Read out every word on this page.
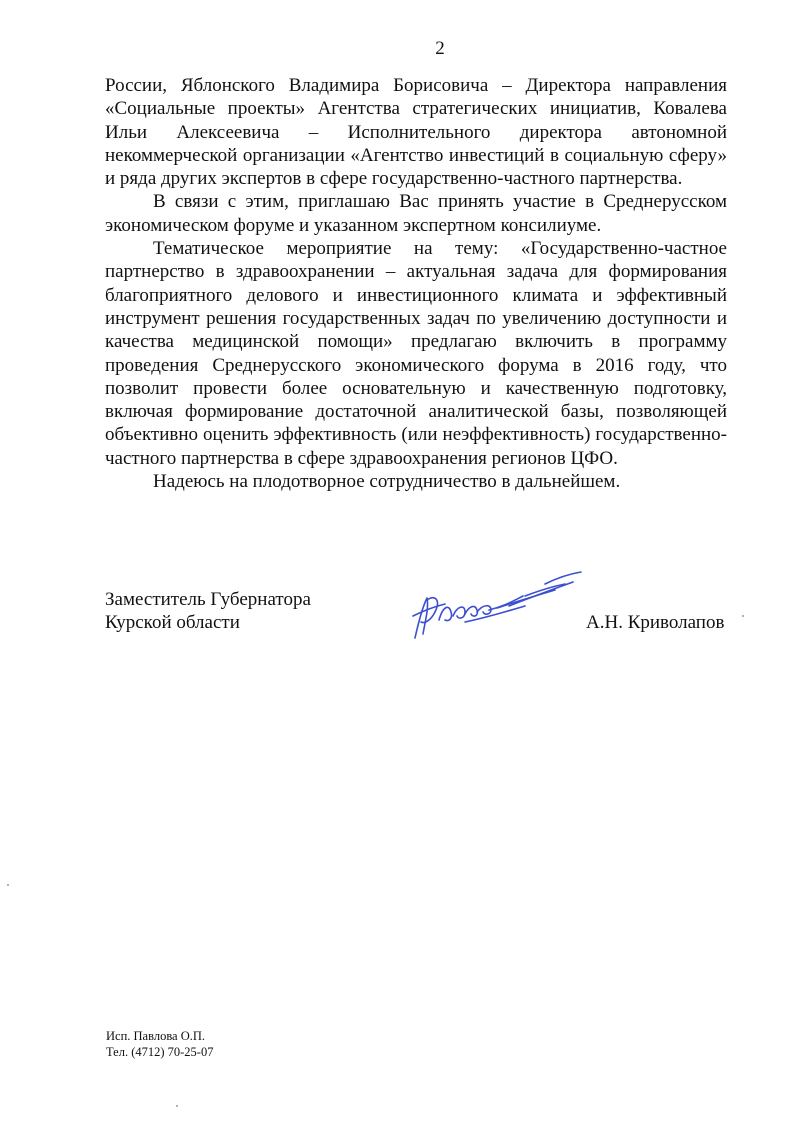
2

России, Яблонского Владимира Борисовича – Директора направления «Социальные проекты» Агентства стратегических инициатив, Ковалева Ильи Алексеевича – Исполнительного директора автономной некоммерческой организации «Агентство инвестиций в социальную сферу» и ряда других экспертов в сфере государственно-частного партнерства.

В связи с этим, приглашаю Вас принять участие в Среднерусском экономическом форуме и указанном экспертном консилиуме.

Тематическое мероприятие на тему: «Государственно-частное партнерство в здравоохранении – актуальная задача для формирования благоприятного делового и инвестиционного климата и эффективный инструмент решения государственных задач по увеличению доступности и качества медицинской помощи» предлагаю включить в программу проведения Среднерусского экономического форума в 2016 году, что позволит провести более основательную и качественную подготовку, включая формирование достаточной аналитической базы, позволяющей объективно оценить эффективность (или неэффективность) государственно-частного партнерства в сфере здравоохранения регионов ЦФО.

Надеюсь на плодотворное сотрудничество в дальнейшем.

Заместитель Губернатора
Курской области	А.Н. Криволапов
Исп. Павлова О.П.
Тел. (4712) 70-25-07
